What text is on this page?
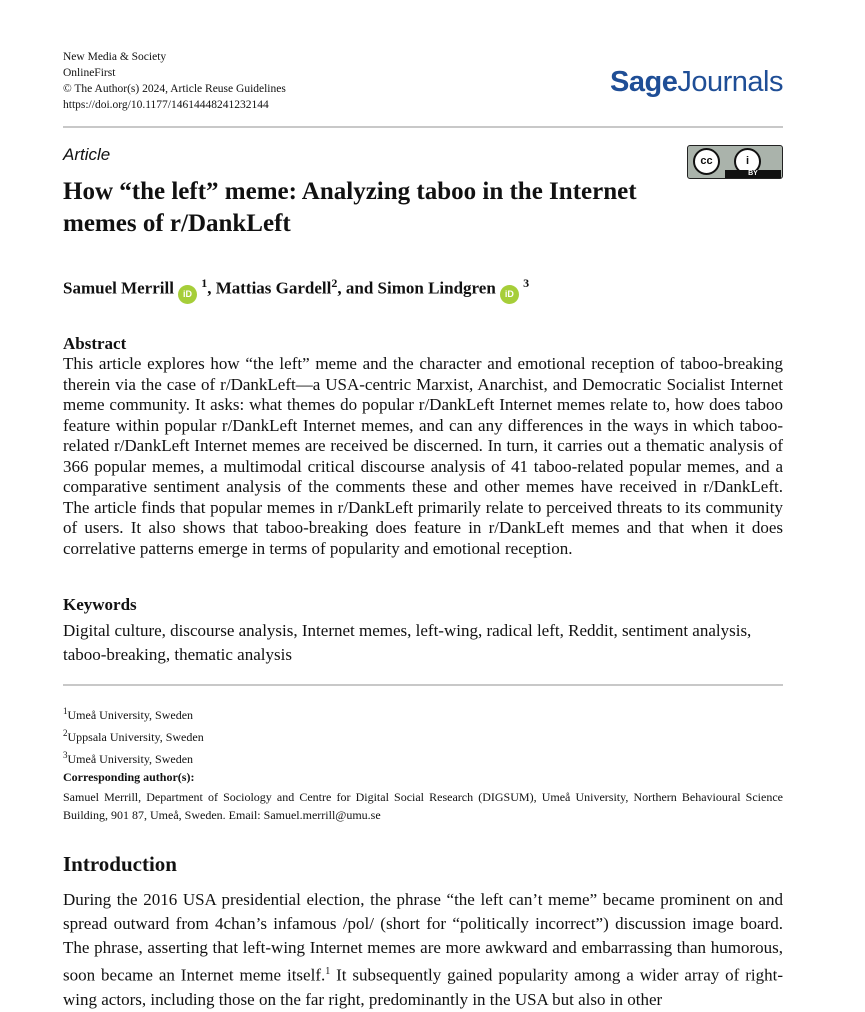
New Media & Society
OnlineFirst
© The Author(s) 2024, Article Reuse Guidelines
https://doi.org/10.1177/14614448241232144
SageJournals
Article	cc	i
BY
How “the left” meme: Analyzing taboo in the Internet memes of r/DankLeft
Samuel Merrill iD $^1$, Mattias Gardell$^2$, and Simon Lindgren iD $^3$
Abstract
This article explores how “the left” meme and the character and emotional reception of taboo-breaking therein via the case of r/DankLeft—a USA-centric Marxist, Anarchist, and Democratic Socialist Internet meme community. It asks: what themes do popular r/DankLeft Internet memes relate to, how does taboo feature within popular r/DankLeft Internet memes, and can any differences in the ways in which taboo-related r/DankLeft Internet memes are received be discerned. In turn, it carries out a thematic analysis of 366 popular memes, a multimodal critical discourse analysis of 41 taboo-related popular memes, and a comparative sentiment analysis of the comments these and other memes have received in r/DankLeft. The article finds that popular memes in r/DankLeft primarily relate to perceived threats to its community of users. It also shows that taboo-breaking does feature in r/DankLeft memes and that when it does correlative patterns emerge in terms of popularity and emotional reception.
Keywords
Digital culture, discourse analysis, Internet memes, left-wing, radical left, Reddit, sentiment analysis, taboo-breaking, thematic analysis
$^1$Umeå University, Sweden
$^2$Uppsala University, Sweden
$^3$Umeå University, Sweden
Corresponding author(s):
Samuel Merrill, Department of Sociology and Centre for Digital Social Research (DIGSUM), Umeå University, Northern Behavioural Science Building, 901 87, Umeå, Sweden. Email: Samuel.merrill@umu.se
Introduction
During the 2016 USA presidential election, the phrase “the left can’t meme” became prominent on and spread outward from 4chan’s infamous /pol/ (short for “politically incorrect”) discussion image board. The phrase, asserting that left-wing Internet memes are more awkward and embarrassing than humorous, soon became an Internet meme itself.$^1$ It subsequently gained popularity among a wider array of right-wing actors, including those on the far right, predominantly in the USA but also in other
